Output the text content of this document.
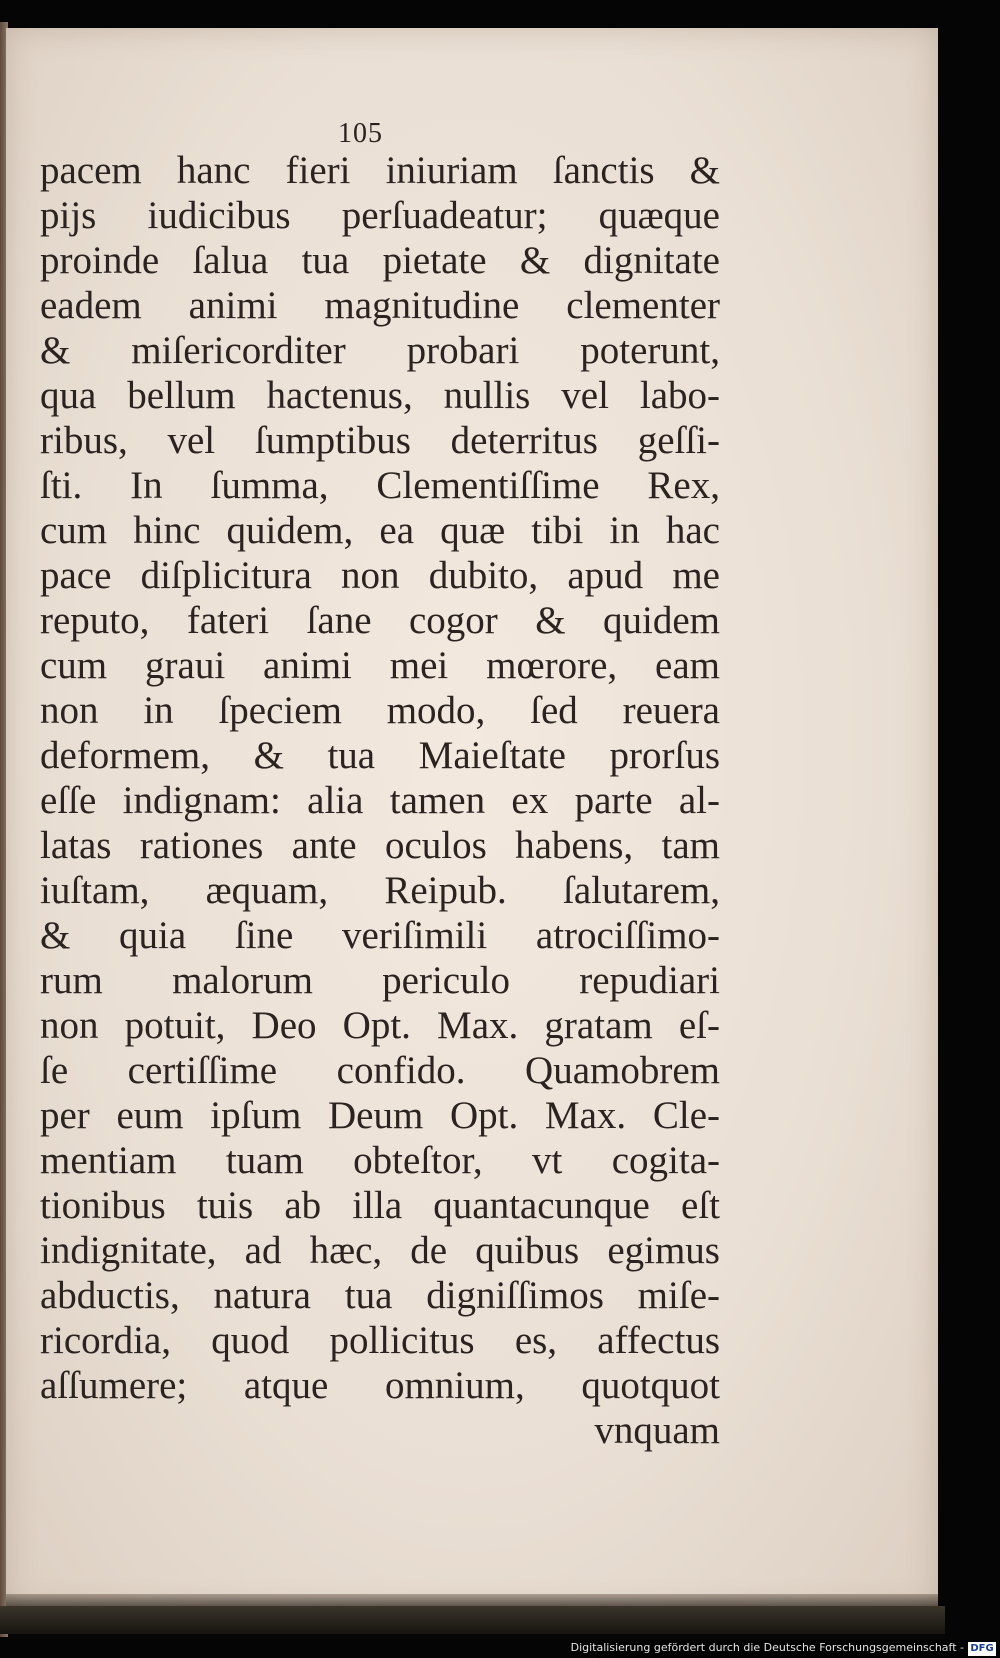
105
pacem hanc fieri iniuriam ſanctis &
pijs iudicibus perſuadeatur; quæque
proinde ſalua tua pietate & dignitate
eadem animi magnitudine clementer
& miſericorditer probari poterunt,
qua bellum hactenus, nullis vel labo-
ribus, vel ſumptibus deterritus geſſi-
ſti. In ſumma, Clementiſſime Rex,
cum hinc quidem, ea quæ tibi in hac
pace diſplicitura non dubito, apud me
reputo, fateri ſane cogor & quidem
cum graui animi mei mœrore, eam
non in ſpeciem modo, ſed reuera
deformem, & tua Maieſtate prorſus
eſſe indignam: alia tamen ex parte al-
latas rationes ante oculos habens, tam
iuſtam, æquam, Reipub. ſalutarem,
& quia ſine veriſimili atrociſſimo-
rum malorum periculo repudiari
non potuit, Deo Opt. Max. gratam eſ-
ſe certiſſime confido. Quamobrem
per eum ipſum Deum Opt. Max. Cle-
mentiam tuam obteſtor, vt cogita-
tionibus tuis ab illa quantacunque eſt
indignitate, ad hæc, de quibus egimus
abductis, natura tua digniſſimos miſe-
ricordia, quod pollicitus es, affectus
aſſumere; atque omnium, quotquot
vnquam
Digitalisierung gefördert durch die Deutsche Forschungsgemeinschaft - DFG
